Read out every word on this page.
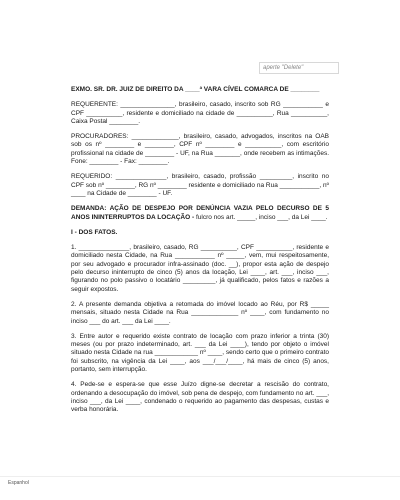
aperte "Delete"

EXMO. SR. DR. JUIZ DE DIREITO DA ____ª VARA CÍVEL COMARCA DE ________

REQUERENTE: _______________, brasileiro, casado, inscrito sob RG ___________ e CPF __________, residente e domiciliado na cidade de __________, Rua __________, Caixa Postal ________.

PROCURADORES: _____________, brasileiro, casado, advogados, inscritos na OAB sob os nº ________ e ________, CPF nº ________ e __________, com escritório profissional na cidade de ________ - UF, na Rua _______, onde recebem as intimações. Fone: ________ - Fax: ________.

REQUERIDO: ______________, brasileiro, casado, profissão _________, inscrito no CPF sob nº ________, RG nº ________ residente e domiciliado na Rua ___________, nº ____ na Cidade de ________ - UF.

DEMANDA: AÇÃO DE DESPEJO POR DENÚNCIA VAZIA PELO DECURSO DE 5 ANOS ININTERRUPTOS DA LOCAÇÃO - fulcro nos art. _____, inciso ___, da Lei ____.

I - DOS FATOS.

1. ______________, brasileiro, casado, RG __________, CPF __________, residente e domiciliado nesta Cidade, na Rua ___________ nº _____, vem, mui respeitosamente, por seu advogado e procurador infra-assinado (doc. __), propor esta ação de despejo pelo decurso ininterrupto de cinco (5) anos da locação, Lei ____, art. ___, inciso ___, figurando no polo passivo o locatário _________, já qualificado, pelos fatos e razões a seguir expostos.

2. A presente demanda objetiva a retomada do imóvel locado ao Réu, por R$ _____ mensais, situado nesta Cidade na Rua _____________ nº ____, com fundamento no inciso ___ do art. ___ da Lei ____.

3. Entre autor e requerido existe contrato de locação com prazo inferior a trinta (30) meses (ou por prazo indeterminado, art. ___ da Lei ____), tendo por objeto o imóvel situado nesta Cidade na rua ____________ nº ____, sendo certo que o primeiro contrato foi subscrito, na vigência da Lei ____, aos ___/___/____, há mais de cinco (5) anos, portanto, sem interrupção.

4. Pede-se e espera-se que esse Juízo digne-se decretar a rescisão do contrato, ordenando a desocupação do imóvel, sob pena de despejo, com fundamento no art. ___, inciso ___, da Lei ____, condenado o requerido ao pagamento das despesas, custas e verba honorária.

Espanhol
